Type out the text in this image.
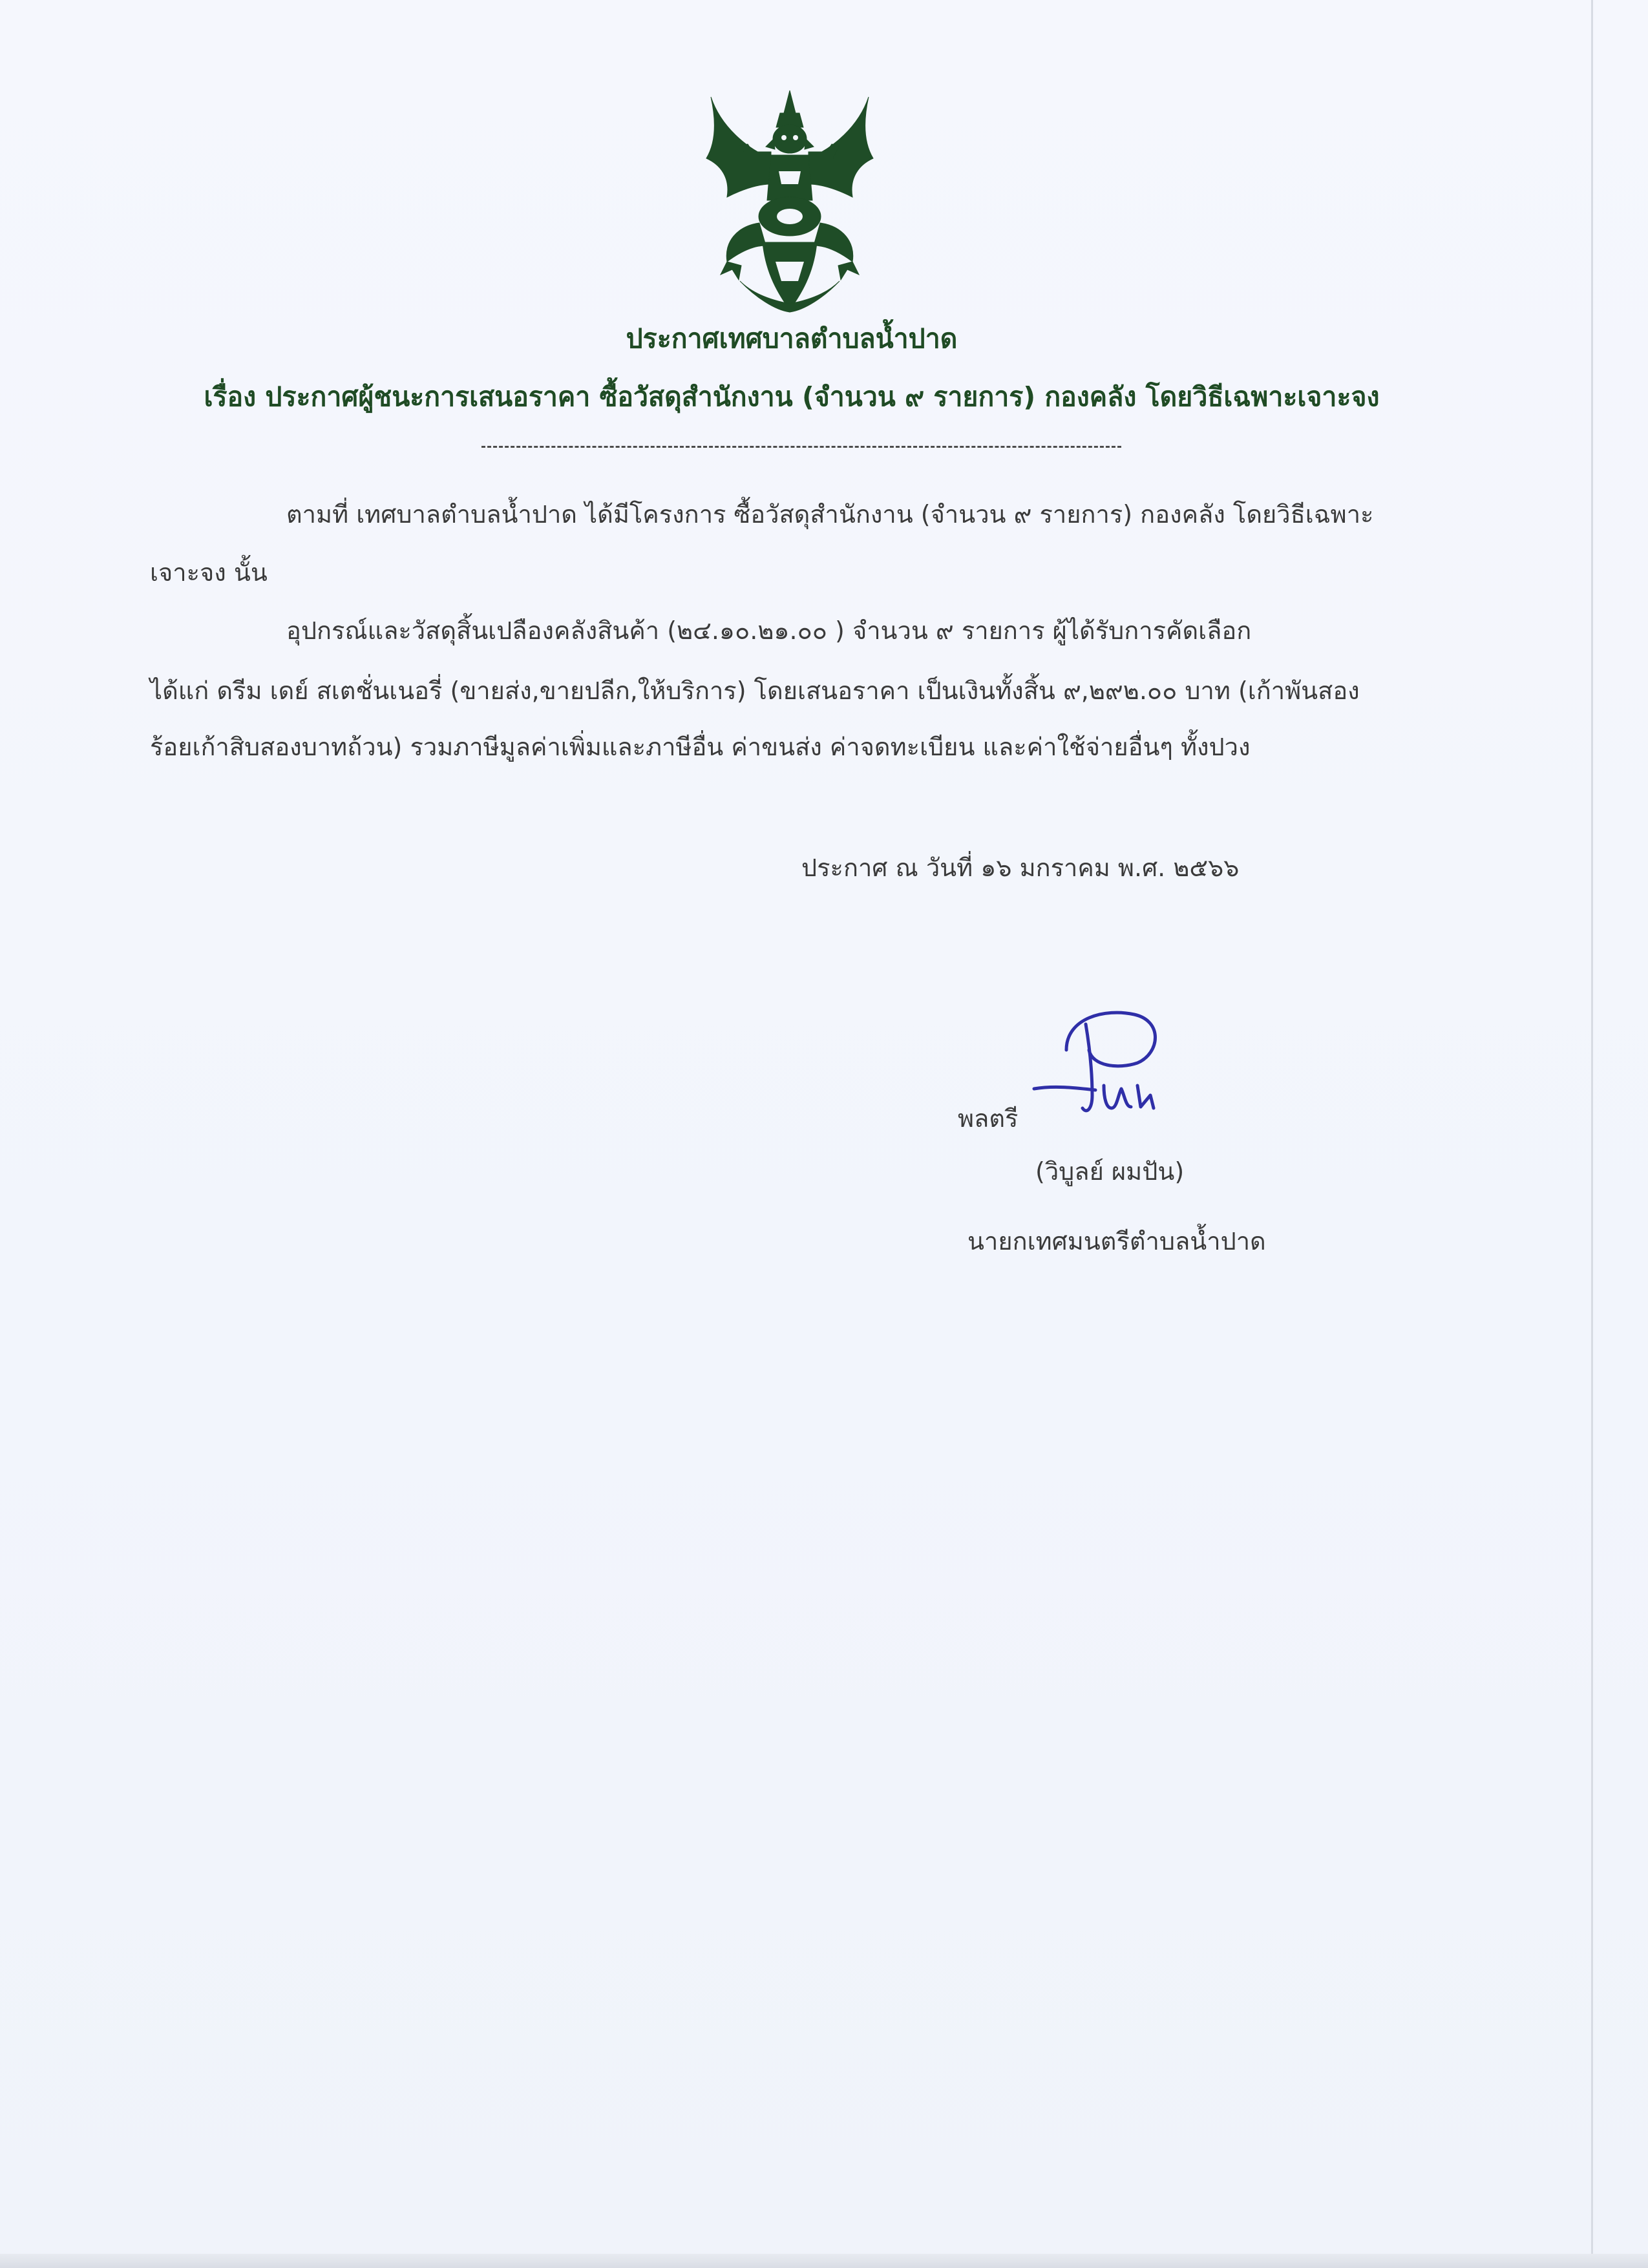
ประกาศเทศบาลตำบลน้ำปาด
เรื่อง ประกาศผู้ชนะการเสนอราคา ซื้อวัสดุสำนักงาน (จำนวน ๙ รายการ) กองคลัง โดยวิธีเฉพาะเจาะจง
ตามที่ เทศบาลตำบลน้ำปาด ได้มีโครงการ ซื้อวัสดุสำนักงาน (จำนวน ๙ รายการ) กองคลัง โดยวิธีเฉพาะ
เจาะจง นั้น
อุปกรณ์และวัสดุสิ้นเปลืองคลังสินค้า (๒๔.๑๐.๒๑.๐๐ ) จำนวน ๙ รายการ ผู้ได้รับการคัดเลือก
ได้แก่ ดรีม เดย์ สเตชั่นเนอรี่ (ขายส่ง,ขายปลีก,ให้บริการ) โดยเสนอราคา เป็นเงินทั้งสิ้น ๙,๒๙๒.๐๐ บาท (เก้าพันสอง
ร้อยเก้าสิบสองบาทถ้วน) รวมภาษีมูลค่าเพิ่มและภาษีอื่น ค่าขนส่ง ค่าจดทะเบียน และค่าใช้จ่ายอื่นๆ ทั้งปวง
ประกาศ ณ วันที่ ๑๖ มกราคม พ.ศ. ๒๕๖๖
พลตรี
(วิบูลย์ ผมปัน)
นายกเทศมนตรีตำบลน้ำปาด
